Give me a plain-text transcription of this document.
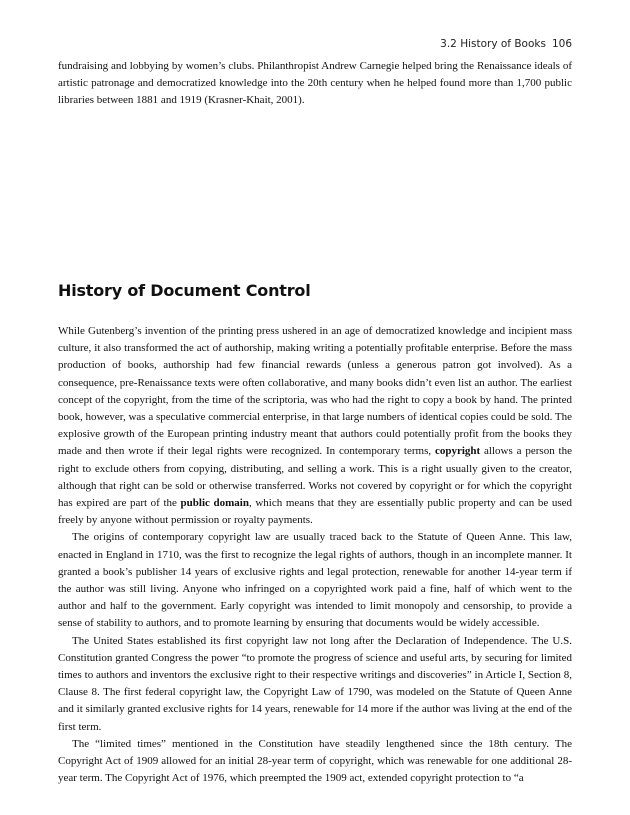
3.2 History of Books 106

fundraising and lobbying by women’s clubs. Philanthropist Andrew Carnegie helped bring the Renaissance ideals of artistic patronage and democratized knowledge into the 20th century when he helped found more than 1,700 public libraries between 1881 and 1919 (Krasner-Khait, 2001).

History of Document Control

While Gutenberg’s invention of the printing press ushered in an age of democratized knowledge and incipient mass culture, it also transformed the act of authorship, making writing a potentially profitable enterprise. Before the mass production of books, authorship had few financial rewards (unless a generous patron got involved). As a consequence, pre-Renaissance texts were often collaborative, and many books didn’t even list an author. The earliest concept of the copyright, from the time of the scriptoria, was who had the right to copy a book by hand. The printed book, however, was a speculative commercial enterprise, in that large numbers of identical copies could be sold. The explosive growth of the European printing industry meant that authors could potentially profit from the books they made and then wrote if their legal rights were recognized. In contemporary terms, copyright allows a person the right to exclude others from copying, distributing, and selling a work. This is a right usually given to the creator, although that right can be sold or otherwise transferred. Works not covered by copyright or for which the copyright has expired are part of the public domain, which means that they are essentially public property and can be used freely by anyone without permission or royalty payments.

The origins of contemporary copyright law are usually traced back to the Statute of Queen Anne. This law, enacted in England in 1710, was the first to recognize the legal rights of authors, though in an incomplete manner. It granted a book’s publisher 14 years of exclusive rights and legal protection, renewable for another 14-year term if the author was still living. Anyone who infringed on a copyrighted work paid a fine, half of which went to the author and half to the government. Early copyright was intended to limit monopoly and censorship, to provide a sense of stability to authors, and to promote learning by ensuring that documents would be widely accessible.

The United States established its first copyright law not long after the Declaration of Independence. The U.S. Constitution granted Congress the power “to promote the progress of science and useful arts, by securing for limited times to authors and inventors the exclusive right to their respective writings and discoveries” in Article I, Section 8, Clause 8. The first federal copyright law, the Copyright Law of 1790, was modeled on the Statute of Queen Anne and it similarly granted exclusive rights for 14 years, renewable for 14 more if the author was living at the end of the first term.

The “limited times” mentioned in the Constitution have steadily lengthened since the 18th century. The Copyright Act of 1909 allowed for an initial 28-year term of copyright, which was renewable for one additional 28-year term. The Copyright Act of 1976, which preempted the 1909 act, extended copyright protection to “a
